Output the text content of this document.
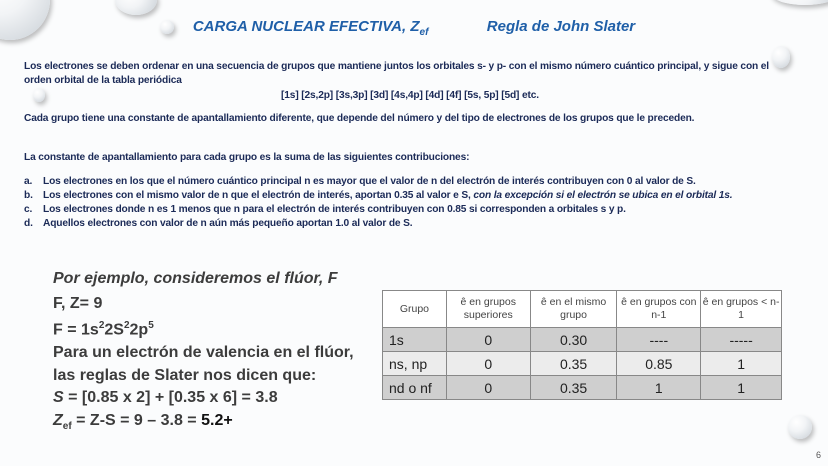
CARGA NUCLEAR EFECTIVA, $Z_{ef}$	Regla de John Slater
Los electrones se deben ordenar en una secuencia de grupos que mantiene juntos los orbitales s- y p- con el mismo número cuántico principal, y sigue con el orden orbital de la tabla periódica
[1s] [2s,2p] [3s,3p] [3d] [4s,4p] [4d] [4f] [5s, 5p] [5d] etc.
Cada grupo tiene una constante de apantallamiento diferente, que depende del número y del tipo de electrones de los grupos que le preceden.
La constante de apantallamiento para cada grupo es la suma de las siguientes contribuciones:
a. Los electrones en los que el número cuántico principal n es mayor que el valor de n del electrón de interés contribuyen con 0 al valor de S.
b. Los electrones con el mismo valor de n que el electrón de interés, aportan 0.35 al valor e S, con la excepción si el electrón se ubica en el orbital 1s.
c. Los electrones donde n es 1 menos que n para el electrón de interés contribuyen con 0.85 si corresponden a orbitales s y p.
d. Aquellos electrones con valor de n aún más pequeño aportan 1.0 al valor de S.
Por ejemplo, consideremos el flúor, F
F, Z= 9
$F = 1s^22S^22p^5$
Para un electrón de valencia en el flúor,
las reglas de Slater nos dicen que:
S = [0.85 x 2] + [0.35 x 6] = 3.8
$Z_{ef} = Z-S = 9 - 3.8 = 5.2+$
Grupo	ê en grupos superiores	ê en el mismo grupo	ê en grupos con n-1	ê en grupos < n-1
1s	0	0.30	----	-----
ns, np	0	0.35	0.85	1
nd o nf	0	0.35	1	1
6
